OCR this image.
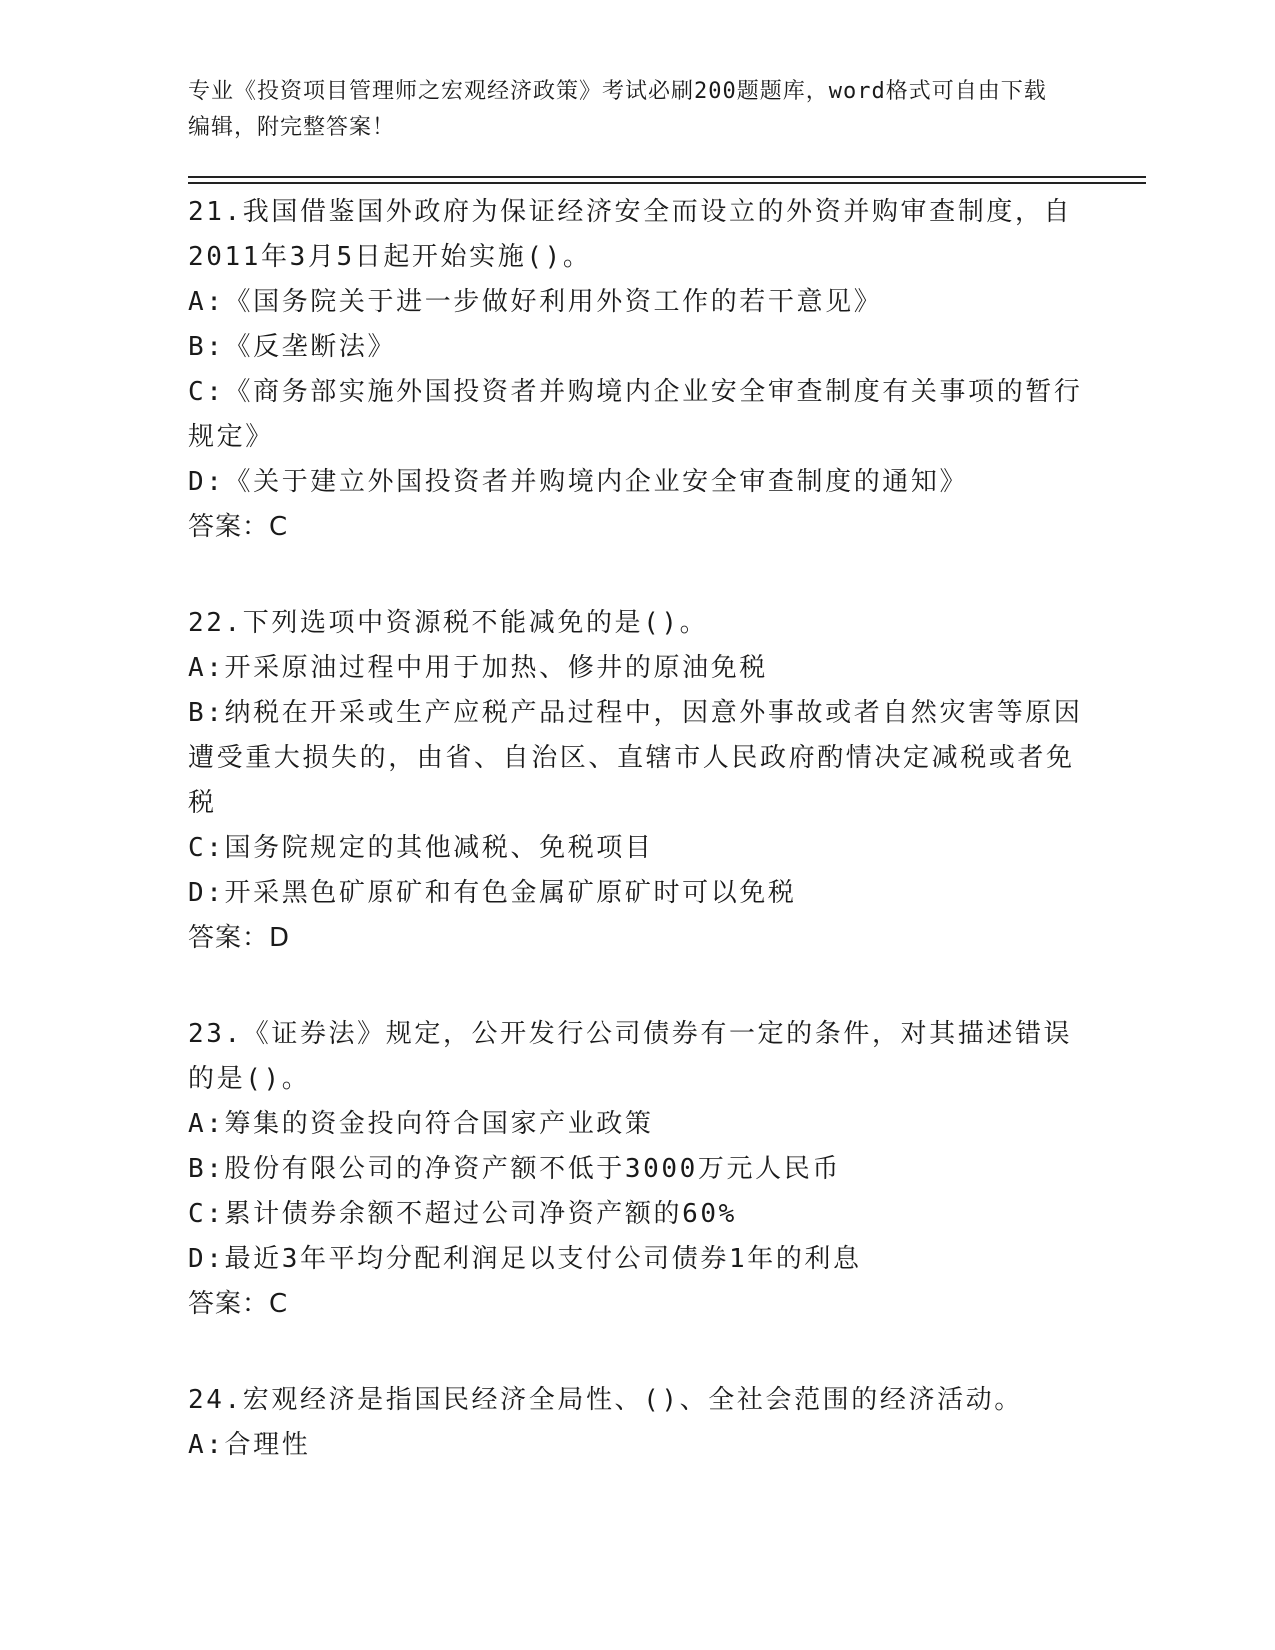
专业《投资项目管理师之宏观经济政策》考试必刷200题题库，word格式可自由下载编辑，附完整答案！
21.我国借鉴国外政府为保证经济安全而设立的外资并购审查制度，自2011年3月5日起开始实施()。
A:《国务院关于进一步做好利用外资工作的若干意见》
B:《反垄断法》
C:《商务部实施外国投资者并购境内企业安全审查制度有关事项的暂行规定》
D:《关于建立外国投资者并购境内企业安全审查制度的通知》
答案：C
22.下列选项中资源税不能减免的是()。
A:开采原油过程中用于加热、修井的原油免税
B:纳税在开采或生产应税产品过程中，因意外事故或者自然灾害等原因遭受重大损失的，由省、自治区、直辖市人民政府酌情决定减税或者免税
C:国务院规定的其他减税、免税项目
D:开采黑色矿原矿和有色金属矿原矿时可以免税
答案：D
23.《证券法》规定，公开发行公司债券有一定的条件，对其描述错误的是()。
A:筹集的资金投向符合国家产业政策
B:股份有限公司的净资产额不低于3000万元人民币
C:累计债券余额不超过公司净资产额的60%
D:最近3年平均分配利润足以支付公司债券1年的利息
答案：C
24.宏观经济是指国民经济全局性、()、全社会范围的经济活动。
A:合理性
